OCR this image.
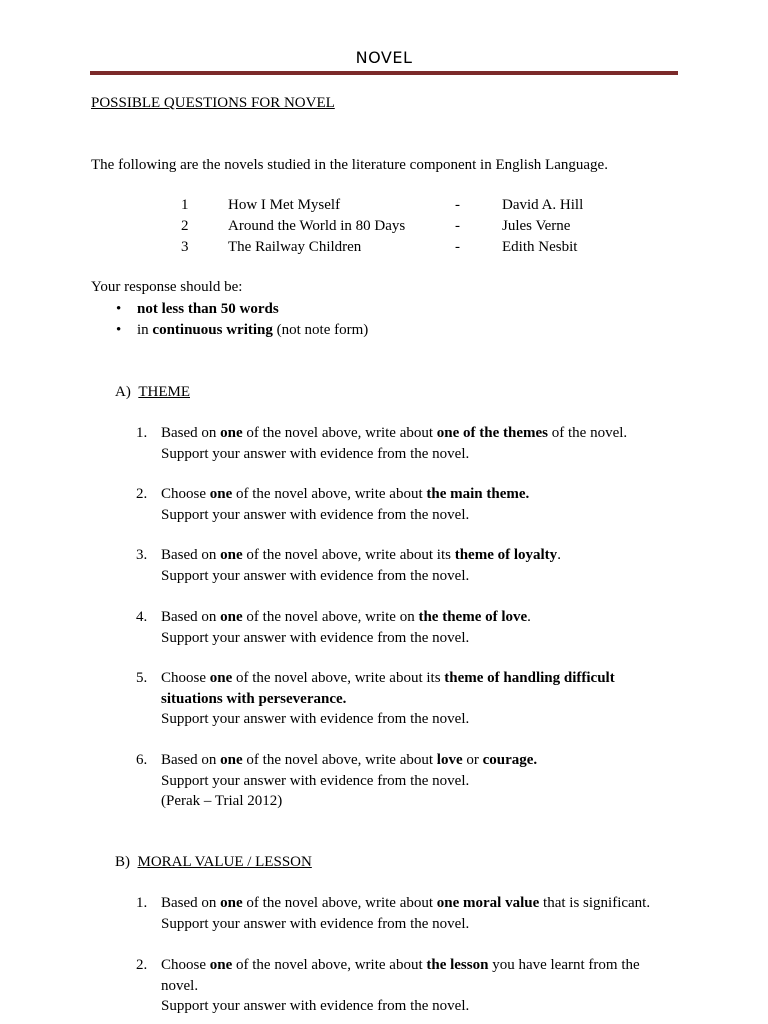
NOVEL
POSSIBLE QUESTIONS FOR NOVEL
The following are the novels studied in the literature component in English Language.
1	How I Met Myself	-	David A. Hill
2	Around the World in 80 Days	-	Jules Verne
3	The Railway Children	-	Edith Nesbit
Your response should be:
• not less than 50 words
• in continuous writing (not note form)
A) THEME
1. Based on one of the novel above, write about one of the themes of the novel.
Support your answer with evidence from the novel.
2. Choose one of the novel above, write about the main theme.
Support your answer with evidence from the novel.
3. Based on one of the novel above, write about its theme of loyalty.
Support your answer with evidence from the novel.
4. Based on one of the novel above, write on the theme of love.
Support your answer with evidence from the novel.
5. Choose one of the novel above, write about its theme of handling difficult
situations with perseverance.
Support your answer with evidence from the novel.
6. Based on one of the novel above, write about love or courage.
Support your answer with evidence from the novel.
(Perak – Trial 2012)
B) MORAL VALUE / LESSON
1. Based on one of the novel above, write about one moral value that is significant.
Support your answer with evidence from the novel.
2. Choose one of the novel above, write about the lesson you have learnt from the
novel.
Support your answer with evidence from the novel.
